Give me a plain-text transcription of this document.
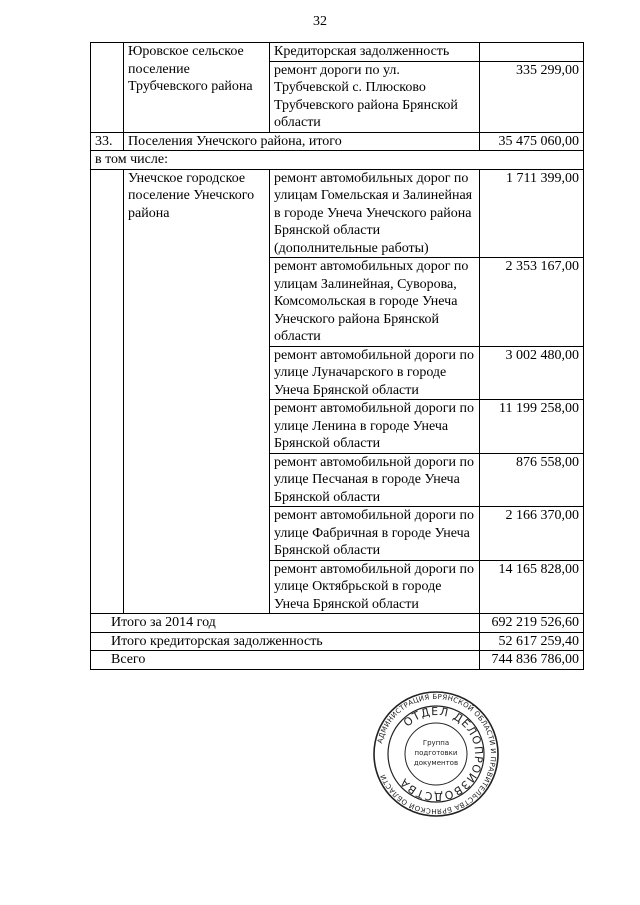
32
	Юровское сельское поселение Трубчевского района	Кредиторская задолженность	
		ремонт дороги по ул. Трубчевской с. Плюсково Трубчевского района Брянской области	335 299,00
33.	Поселения Унечского района, итого		35 475 060,00
в том числе:			
	Унечское городское поселение Унечского района	ремонт автомобильных дорог по улицам Гомельская и Залинейная в городе Унеча Унечского района Брянской области (дополнительные работы)	1 711 399,00
		ремонт автомобильных дорог по улицам Залинейная, Суворова, Комсомольская в городе Унеча Унечского района Брянской области	2 353 167,00
		ремонт автомобильной дороги по улице Луначарского в городе Унеча Брянской области	3 002 480,00
		ремонт автомобильной дороги по улице Ленина в городе Унеча Брянской области	11 199 258,00
		ремонт автомобильной дороги по улице Песчаная в городе Унеча Брянской области	876 558,00
		ремонт автомобильной дороги по улице Фабричная в городе Унеча Брянской области	2 166 370,00
		ремонт автомобильной дороги по улице Октябрьской в городе Унеча Брянской области	14 165 828,00
Итого за 2014 год			692 219 526,60
Итого кредиторская задолженность			52 617 259,40
Всего			744 836 786,00
АДМИНИСТРАЦИЯ БРЯНСКОЙ ОБЛАСТИ И ПРАВИТЕЛЬСТВА БРЯНСКОЙ ОБЛАСТИ
ОТДЕЛ ДЕЛОПРОИЗВОДСТВА
Группа
подготовки
документов
